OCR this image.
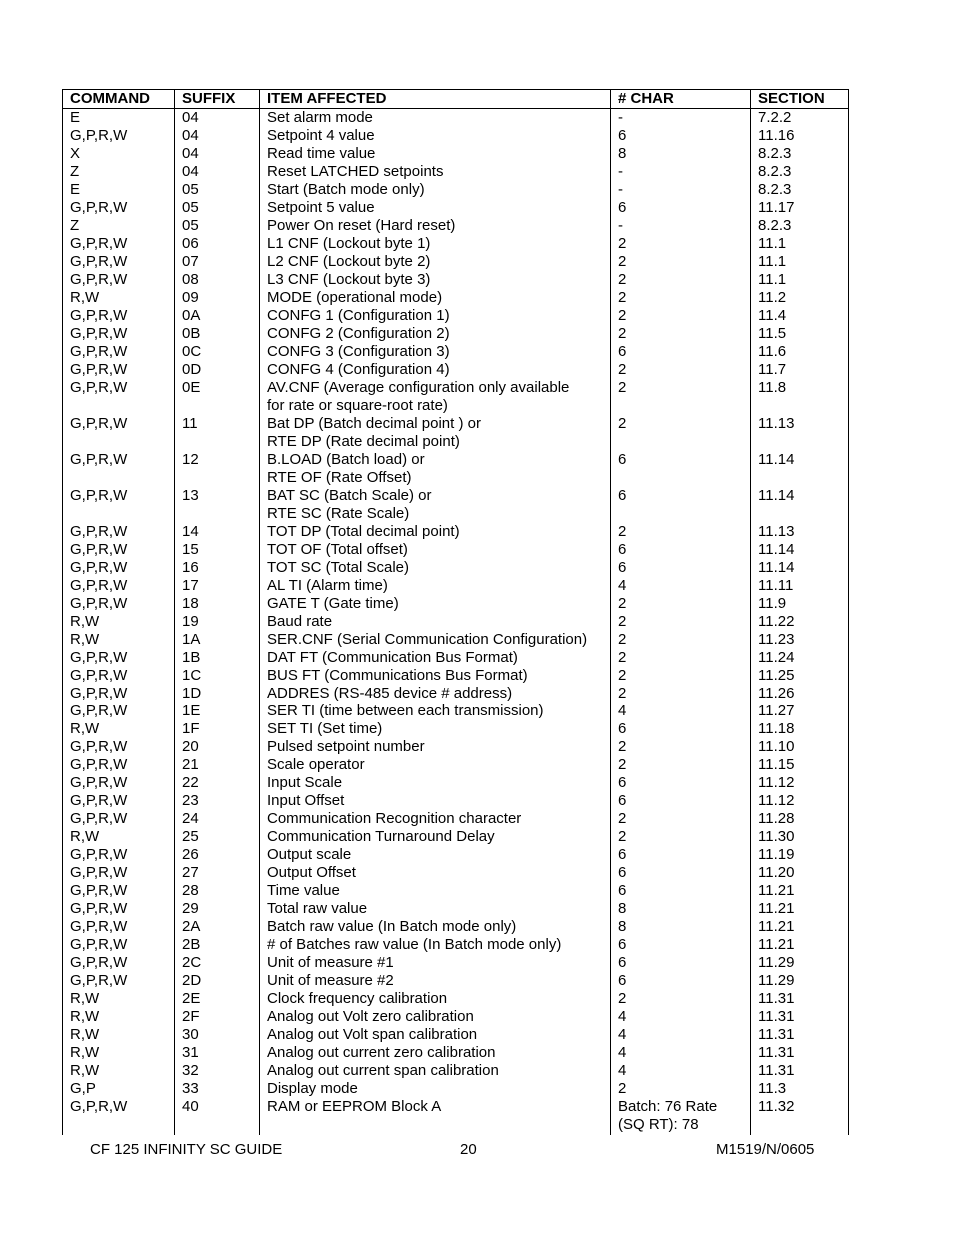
COMMAND	SUFFIX	ITEM AFFECTED	# CHAR	SECTION
E	04	Set alarm mode	-	7.2.2
G,P,R,W	04	Setpoint 4 value	6	11.16
X	04	Read time value	8	8.2.3
Z	04	Reset LATCHED setpoints	-	8.2.3
E	05	Start (Batch mode only)	-	8.2.3
G,P,R,W	05	Setpoint 5 value	6	11.17
Z	05	Power On reset (Hard reset)	-	8.2.3
G,P,R,W	06	L1 CNF (Lockout byte 1)	2	11.1
G,P,R,W	07	L2 CNF (Lockout byte 2)	2	11.1
G,P,R,W	08	L3 CNF (Lockout byte 3)	2	11.1
R,W	09	MODE (operational mode)	2	11.2
G,P,R,W	0A	CONFG 1 (Configuration 1)	2	11.4
G,P,R,W	0B	CONFG 2 (Configuration 2)	2	11.5
G,P,R,W	0C	CONFG 3 (Configuration 3)	6	11.6
G,P,R,W	0D	CONFG 4 (Configuration 4)	2	11.7
G,P,R,W	0E	AV.CNF (Average configuration only available
for rate or square-root rate)	2	11.8
G,P,R,W	11	Bat DP (Batch decimal point ) or
RTE DP (Rate decimal point)	2	11.13
G,P,R,W	12	B.LOAD (Batch load) or
RTE OF (Rate Offset)	6	11.14
G,P,R,W	13	BAT SC (Batch Scale) or
RTE SC (Rate Scale)	6	11.14
G,P,R,W	14	TOT DP (Total decimal point)	2	11.13
G,P,R,W	15	TOT OF (Total offset)	6	11.14
G,P,R,W	16	TOT SC (Total Scale)	6	11.14
G,P,R,W	17	AL TI (Alarm time)	4	11.11
G,P,R,W	18	GATE T (Gate time)	2	11.9
R,W	19	Baud rate	2	11.22
R,W	1A	SER.CNF (Serial Communication Configuration)	2	11.23
G,P,R,W	1B	DAT FT (Communication Bus Format)	2	11.24
G,P,R,W	1C	BUS FT (Communications Bus Format)	2	11.25
G,P,R,W	1D	ADDRES (RS-485 device # address)	2	11.26
G,P,R,W	1E	SER TI (time between each transmission)	4	11.27
R,W	1F	SET TI (Set time)	6	11.18
G,P,R,W	20	Pulsed setpoint number	2	11.10
G,P,R,W	21	Scale operator	2	11.15
G,P,R,W	22	Input Scale	6	11.12
G,P,R,W	23	Input Offset	6	11.12
G,P,R,W	24	Communication Recognition character	2	11.28
R,W	25	Communication Turnaround Delay	2	11.30
G,P,R,W	26	Output scale	6	11.19
G,P,R,W	27	Output Offset	6	11.20
G,P,R,W	28	Time value	6	11.21
G,P,R,W	29	Total raw value	8	11.21
G,P,R,W	2A	Batch raw value (In Batch mode only)	8	11.21
G,P,R,W	2B	# of Batches raw value (In Batch mode only)	6	11.21
G,P,R,W	2C	Unit of measure #1	6	11.29
G,P,R,W	2D	Unit of measure #2	6	11.29
R,W	2E	Clock frequency calibration	2	11.31
R,W	2F	Analog out Volt zero calibration	4	11.31
R,W	30	Analog out Volt span calibration	4	11.31
R,W	31	Analog out current zero calibration	4	11.31
R,W	32	Analog out current span calibration	4	11.31
G,P	33	Display mode	2	11.3
G,P,R,W	40	RAM or EEPROM Block A	Batch: 76 Rate
(SQ RT): 78	11.32
CF 125 INFINITY SC GUIDE	20	M1519/N/0605
